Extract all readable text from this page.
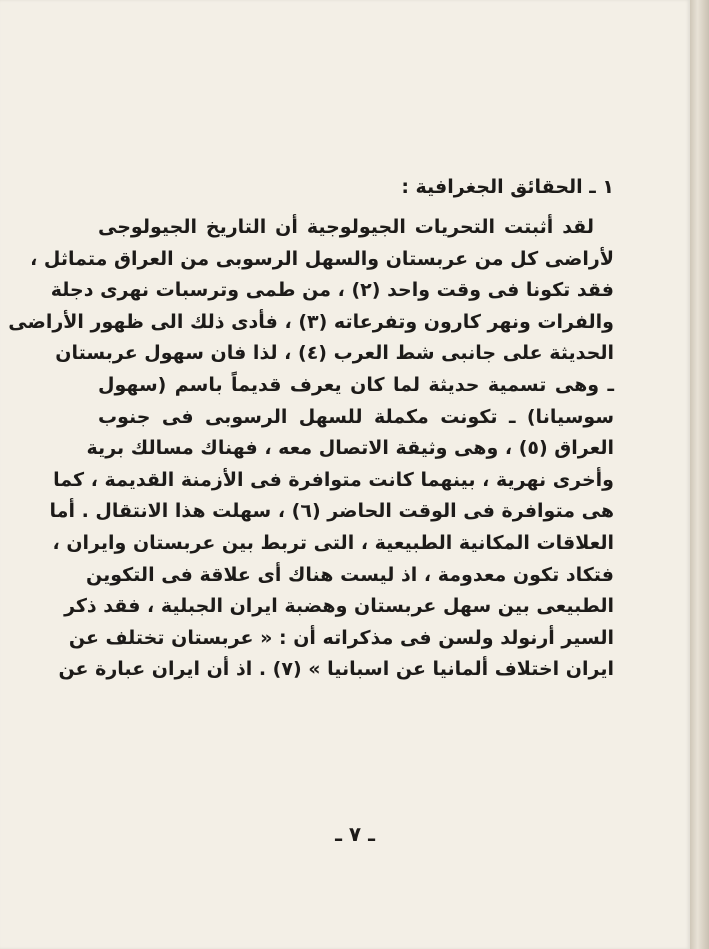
١ ـ الحقائق الجغرافية :
لقد أثبتت التحريات الجيولوجية أن التاريخ الجيولوجى
لأراضى كل من عربستان والسهل الرسوبى من العراق متماثل ،
فقد تكونا فى وقت واحد (٢) ، من طمى وترسبات نهرى دجلة
والفرات ونهر كارون وتفرعاته (٣) ، فأدى ذلك الى ظهور الأراضى
الحديثة على جانبى شط العرب (٤) ، لذا فان سهول عربستان
ـ وهى تسمية حديثة لما كان يعرف قديماً باسم (سهول
سوسيانا) ـ تكونت مكملة للسهل الرسوبى فى جنوب
العراق (٥) ، وهى وثيقة الاتصال معه ، فهناك مسالك برية
وأخرى نهرية ، بينهما كانت متوافرة فى الأزمنة القديمة ، كما
هى متوافرة فى الوقت الحاضر (٦) ، سهلت هذا الانتقال . أما
العلاقات المكانية الطبيعية ، التى تربط بين عربستان وايران ،
فتكاد تكون معدومة ، اذ ليست هناك أى علاقة فى التكوين
الطبيعى بين سهل عربستان وهضبة ايران الجبلية ، فقد ذكر
السير أرنولد ولسن فى مذكراته أن : « عربستان تختلف عن
ايران اختلاف ألمانيا عن اسبانيا » (٧) . اذ أن ايران عبارة عن
ـ ٧ ـ
